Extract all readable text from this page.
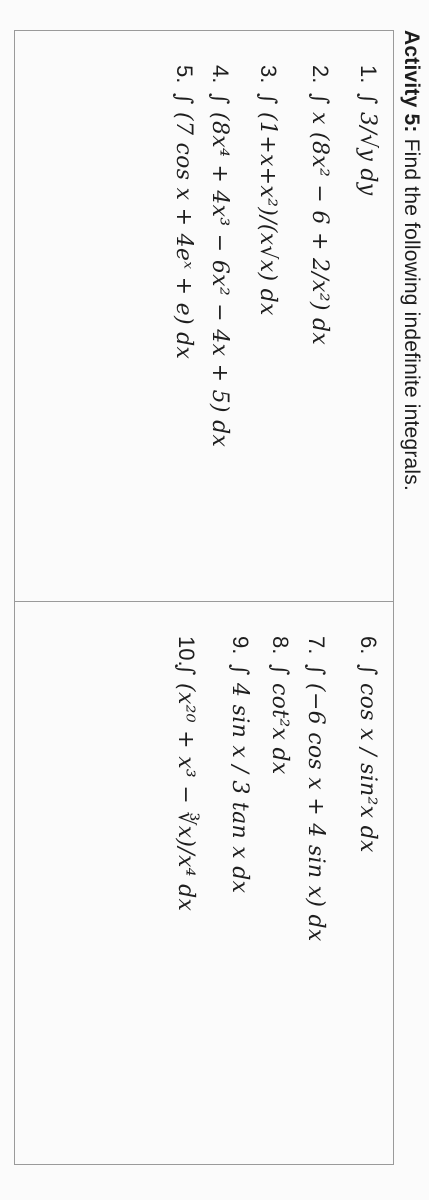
Activity 5: Find the following indefinite integrals.
1.
∫ 3/√y dy
2.
∫ x (8x² − 6 + 2/x²) dx
3.
∫ (1+x+x²)/(x√x) dx
4.
∫ (8x⁴ + 4x³ − 6x² − 4x + 5) dx
5.
∫ (7 cos x + 4eˣ + e) dx
6.
∫ cos x / sin²x dx
7.
∫ (−6 cos x + 4 sin x) dx
8.
∫ cot²x dx
9.
∫ 4 sin x / 3 tan x dx
10.
∫ (x²⁰ + x³ − ∛x)/x⁴ dx
